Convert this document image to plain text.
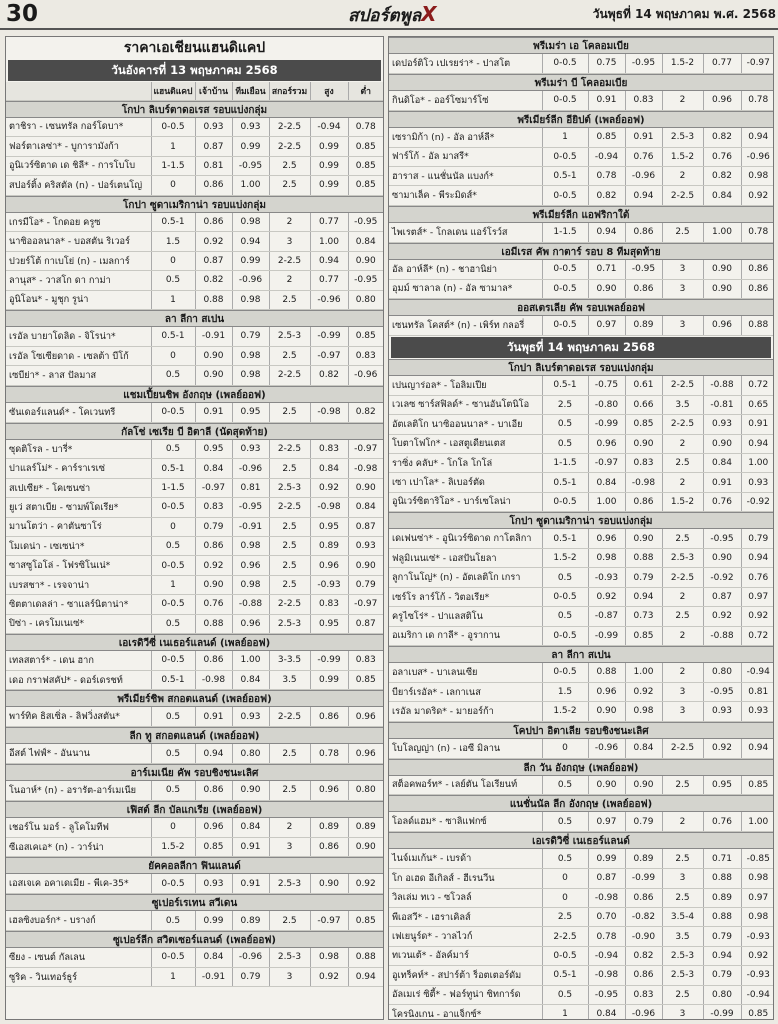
30	สปอร์ตพูลX	วันพุธที่ 14 พฤษภาคม พ.ศ. 2568
ราคาเอเชียนแฮนดิแคป
วันอังคารที่ 13 พฤษภาคม 2568
	แฮนดิแคป	เจ้าบ้าน	ทีมเยือน	สกอร์รวม	สูง	ต่ำ
โกปา ลิเบร์ตาดอเรส รอบแบ่งกลุ่ม
ตาชิรา - เซนทรัล กอร์โดบา*	0-0.5	0.93	0.93	2-2.5	-0.94	0.78
ฟอร์ตาเลซ่า* - บูการามังก้า	1	0.87	0.99	2-2.5	0.99	0.85
อูนิเวร์ซิตาด เด ชิลี* - การโบโบ	1-1.5	0.81	-0.95	2.5	0.99	0.85
สปอร์ติ้ง คริสตัล (n) - ปอร์เตนโญ่	0	0.86	1.00	2.5	0.99	0.85
โกปา ซูดาเมริกาน่า รอบแบ่งกลุ่ม
เกรมีโอ* - โกดอย ครูซ	0.5-1	0.86	0.98	2	0.77	-0.95
นาซิออลนาล* - บอสตัน ริเวอร์	1.5	0.92	0.94	3	1.00	0.84
ปวยร์โต้ กาเบโย่ (n) - เมลการ์	0	0.87	0.99	2-2.5	0.94	0.90
ลานุส* - วาสโก ดา กาม่า	0.5	0.82	-0.96	2	0.77	-0.95
อูนิโอน* - มูชุก รูน่า	1	0.88	0.98	2.5	-0.96	0.80
ลา ลีกา สเปน
เรอัล บายาโดลิด - จิโรน่า*	0.5-1	-0.91	0.79	2.5-3	-0.99	0.85
เรอัล โซเซียดาด - เซลต้า บีโก้	0	0.90	0.98	2.5	-0.97	0.83
เซบีย่า* - ลาส ปัลมาส	0.5	0.90	0.98	2-2.5	0.82	-0.96
แชมเปี้ยนชิพ อังกฤษ (เพลย์ออฟ)
ซันเดอร์แลนด์* - โคเวนทรี	0-0.5	0.91	0.95	2.5	-0.98	0.82
กัลโช่ เซเรีย บี อิตาลี (นัดสุดท้าย)
ซุดติโรล - บารี่*	0.5	0.95	0.93	2-2.5	0.83	-0.97
ปาแลร์โม่* - คาร์ราเรเซ่	0.5-1	0.84	-0.96	2.5	0.84	-0.98
สเปเซีย* - โคเซนซ่า	1-1.5	-0.97	0.81	2.5-3	0.92	0.90
ยูเว่ สตาเบีย - ซามพ์โดเรีย*	0-0.5	0.83	-0.95	2-2.5	-0.98	0.84
มานโตว่า - คาตันซาโร่	0	0.79	-0.91	2.5	0.95	0.87
โมเดน่า - เซเซน่า*	0.5	0.86	0.98	2.5	0.89	0.93
ซาสซูโอโล่ - โฟรซิโนเน่*	0-0.5	0.92	0.96	2.5	0.96	0.90
เบรสชา* - เรจจาน่า	1	0.90	0.98	2.5	-0.93	0.79
ซิตตาเดลล่า - ซาแลร์นิตาน่า*	0-0.5	0.76	-0.88	2-2.5	0.83	-0.97
ปิซ่า - เครโมเนเซ่*	0.5	0.88	0.96	2.5-3	0.95	0.87
เอเรดิวีซี่ เนเธอร์แลนด์ (เพลย์ออฟ)
เทลสตาร์* - เดน ฮาก	0-0.5	0.86	1.00	3-3.5	-0.99	0.83
เดอ กราฟสคัป* - ดอร์เดรชท์	0.5-1	-0.98	0.84	3.5	0.99	0.85
พรีเมียร์ชิพ สกอตแลนด์ (เพลย์ออฟ)
พาร์ทิค ธิสเซิ่ล - ลิฟวิ่งสตัน*	0.5	0.91	0.93	2-2.5	0.86	0.96
ลีก ทู สกอตแลนด์ (เพลย์ออฟ)
อีสต์ ไฟฟ์* - อันนาน	0.5	0.94	0.80	2.5	0.78	0.96
อาร์เมเนีย คัพ รอบชิงชนะเลิศ
โนอาห์* (n) - อรารัต-อาร์เมเนีย	0.5	0.86	0.90	2.5	0.96	0.80
เฟิสต์ ลีก บัลแกเรีย (เพลย์ออฟ)
เชอร์โน มอร์ - ลูโคโมทีฟ	0	0.96	0.84	2	0.89	0.89
ซีเอสเคเอ* (n) - วาร์น่า	1.5-2	0.85	0.91	3	0.86	0.90
ยัคคอลลีกา ฟินแลนด์
เอสเจเค อคาเดเมีย - พีเค-35*	0-0.5	0.93	0.91	2.5-3	0.90	0.92
ซูเปอร์เรเทน สวีเดน
เฮลซิงบอร์ก* - บรางก์	0.5	0.99	0.89	2.5	-0.97	0.85
ซูเปอร์ลีก สวิตเซอร์แลนด์ (เพลย์ออฟ)
ซียง - เซนต์ กัลเลน	0-0.5	0.84	-0.96	2.5-3	0.98	0.88
ซูริค - วินเทอร์ธูร์	1	-0.91	0.79	3	0.92	0.94
พรีเมร่า เอ โคลอมเบีย
เดปอร์ติโว เปเรยร่า* - ปาสโต	0-0.5	0.75	-0.95	1.5-2	0.77	-0.97
พรีเมร่า บี โคลอมเบีย
กินดิโอ* - ออร์โซมาร์โซ่	0-0.5	0.91	0.83	2	0.96	0.78
พรีเมียร์ลีก อียิปต์ (เพลย์ออฟ)
เซรามิก้า (n) - อัล อาห์ลี*	1	0.85	0.91	2.5-3	0.82	0.94
ฟาร์โก้ - อัล มาสรี*	0-0.5	-0.94	0.76	1.5-2	0.76	-0.96
ฮาราส - แนชั่นนัล แบงก์*	0.5-1	0.78	-0.96	2	0.82	0.98
ซามาเล็ค - พีระมิดส์*	0-0.5	0.82	0.94	2-2.5	0.84	0.92
พรีเมียร์ลีก แอฟริกาใต้
ไพเรตส์* - โกลเดน แอร์โรว์ส	1-1.5	0.94	0.86	2.5	1.00	0.78
เอมีเรส คัพ กาตาร์ รอบ 8 ทีมสุดท้าย
อัล อาห์ลี* (n) - ชาฮานิย่า	0-0.5	0.71	-0.95	3	0.90	0.86
อุมม์ ซาลาล (n) - อัล ซามาล*	0-0.5	0.90	0.86	3	0.90	0.86
ออสเตรเลีย คัพ รอบเพลย์ออฟ
เซนทรัล โคสต์* (n) - เพิร์ท กลอรี่	0-0.5	0.97	0.89	3	0.96	0.88
วันพุธที่ 14 พฤษภาคม 2568
โกปา ลิเบร์ตาดอเรส รอบแบ่งกลุ่ม
เปนญาร่อล* - โอลิมเปีย	0.5-1	-0.75	0.61	2-2.5	-0.88	0.72
เวเลซ ซาร์สฟิลด์* - ซานอันโตนิโอ	2.5	-0.80	0.66	3.5	-0.81	0.65
อัตเลติโก นาซิออนนาล* - บาเอีย	0.5	-0.99	0.85	2-2.5	0.93	0.91
โบตาโฟโก* - เอสตูเดียนเตส	0.5	0.96	0.90	2	0.90	0.94
ราซิ่ง คลับ* - โกโล โกโล่	1-1.5	-0.97	0.83	2.5	0.84	1.00
เซา เปาโล* - ลิเบอร์ตัด	0.5-1	0.84	-0.98	2	0.91	0.93
อูนิเวร์ซิตาริโอ* - บาร์เซโลน่า	0-0.5	1.00	0.86	1.5-2	0.76	-0.92
โกปา ซูดาเมริกาน่า รอบแบ่งกลุ่ม
เดเฟนซ่า* - อูนิเวร์ซิดาด กาโตลิกา	0.5-1	0.96	0.90	2.5	-0.95	0.79
ฟลูมิเนนเซ่* - เอสปันโยลา	1.5-2	0.98	0.88	2.5-3	0.90	0.94
ลูกาโนโญ่* (n) - อัตเลติโก เกรา	0.5	-0.93	0.79	2-2.5	-0.92	0.76
เซร์โร ลาร์โก้ - วิตอเรีย*	0-0.5	0.92	0.94	2	0.87	0.97
ครูไซโร่* - ปาแลสติโน	0.5	-0.87	0.73	2.5	0.92	0.92
อเมริกา เด กาลี* - อูรากาน	0-0.5	-0.99	0.85	2	-0.88	0.72
ลา ลีกา สเปน
อลาเบส* - บาเลนเซีย	0-0.5	0.88	1.00	2	0.80	-0.94
บียาร์เรอัล* - เลกาเนส	1.5	0.96	0.92	3	-0.95	0.81
เรอัล มาดริด* - มายอร์ก้า	1.5-2	0.90	0.98	3	0.93	0.93
โคปปา อิตาเลีย รอบชิงชนะเลิศ
โบโลญญ่า (n) - เอซี มิลาน	0	-0.96	0.84	2-2.5	0.92	0.94
ลีก วัน อังกฤษ (เพลย์ออฟ)
สต็อคพอร์ท* - เลย์ตัน โอเรียนท์	0.5	0.90	0.90	2.5	0.95	0.85
แนชั่นนัล ลีก อังกฤษ (เพลย์ออฟ)
โอลด์แฮม* - ซาลิแฟกซ์	0.5	0.97	0.79	2	0.76	1.00
เอเรดิวิซี่ เนเธอร์แลนด์
ไนจ์เมเก้น* - เบรด้า	0.5	0.99	0.89	2.5	0.71	-0.85
โก อเฮด อีเกิลส์ - ฮีเรนวีน	0	0.87	-0.99	3	0.88	0.98
วิลเล่ม ทเว - ซโวลล์	0	-0.98	0.86	2.5	0.89	0.97
พีเอสวี* - เฮราเคิลส์	2.5	0.70	-0.82	3.5-4	0.88	0.98
เฟเยนูร์ด* - วาลไวก์	2-2.5	0.78	-0.90	3.5	0.79	-0.93
ทเวนเต้* - อัลค์มาร์	0-0.5	-0.94	0.82	2.5-3	0.94	0.92
อูเทร็คท์* - สปาร์ต้า ร็อตเตอร์ดัม	0.5-1	-0.98	0.86	2.5-3	0.79	-0.93
อัลเมเร่ ซิตี้* - ฟอร์ทูน่า ซิทการ์ด	0.5	-0.95	0.83	2.5	0.80	-0.94
โครนิงเกน - อาแจ็กซ์*	1	0.84	-0.96	3	-0.99	0.85
